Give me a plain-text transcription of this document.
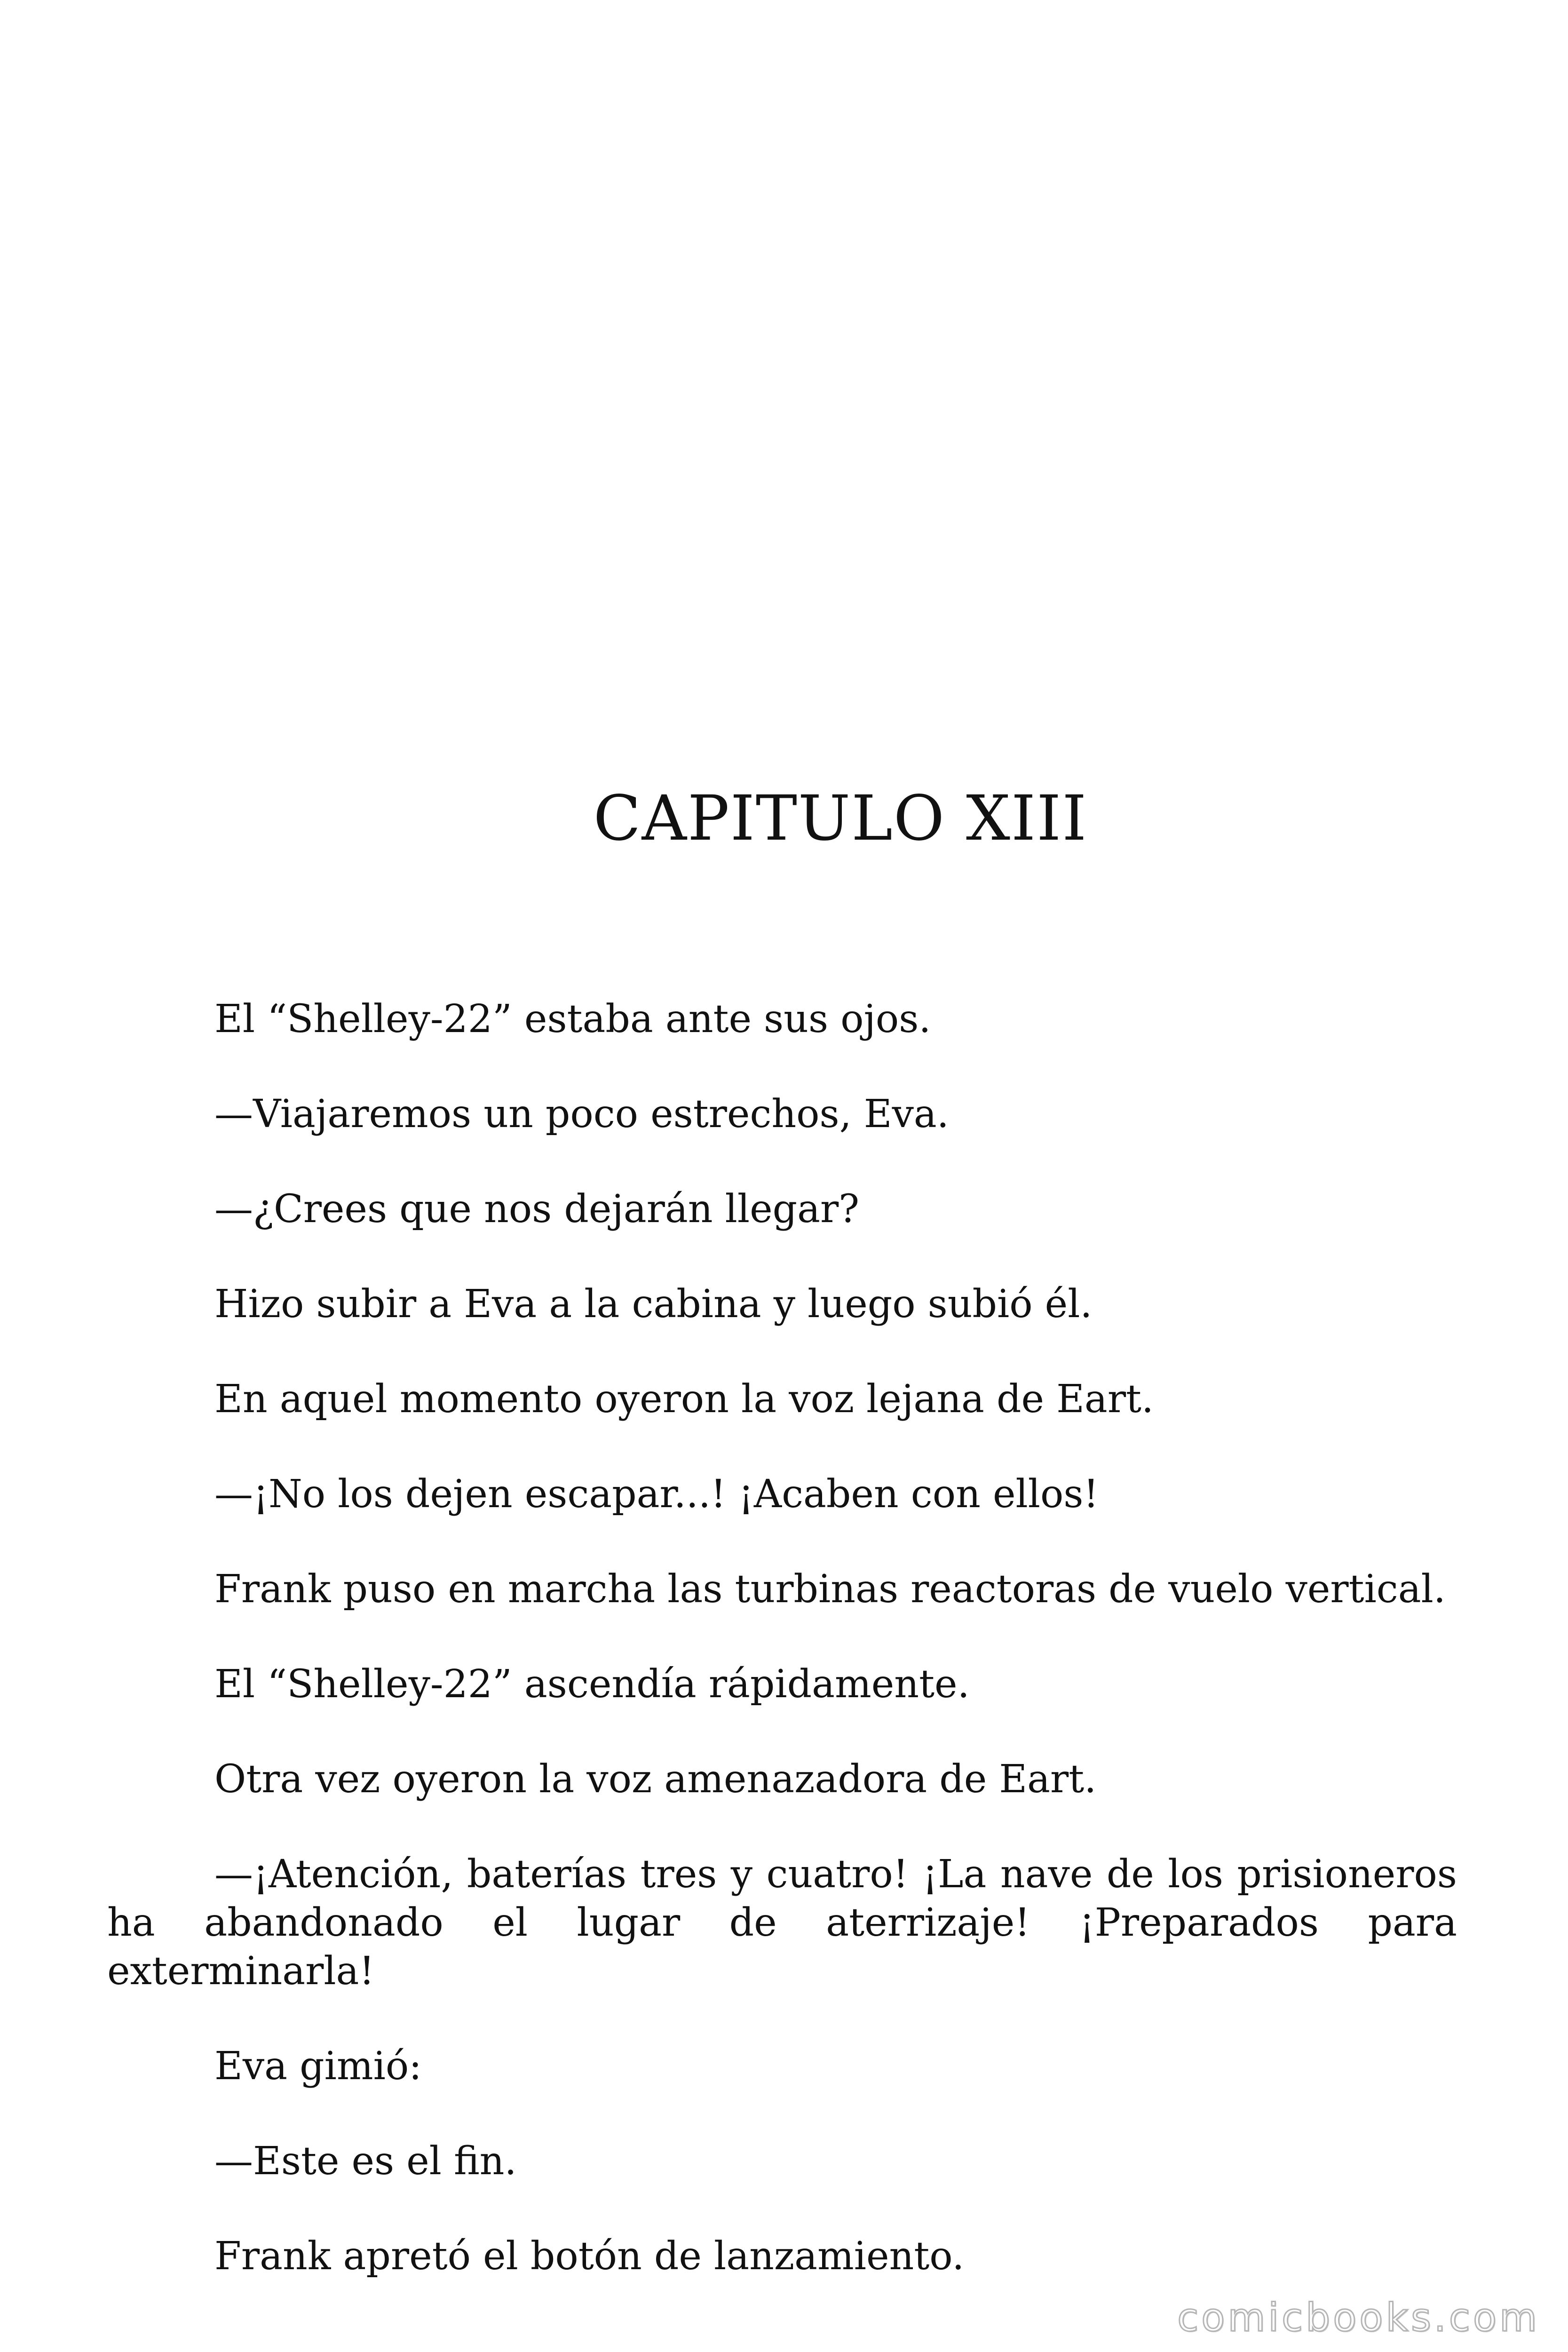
CAPITULO XIII

El “Shelley-22” estaba ante sus ojos.

—Viajaremos un poco estrechos, Eva.

—¿Crees que nos dejarán llegar?

Hizo subir a Eva a la cabina y luego subió él.

En aquel momento oyeron la voz lejana de Eart.

—¡No los dejen escapar...! ¡Acaben con ellos!

Frank puso en marcha las turbinas reactoras de vuelo vertical.

El “Shelley-22” ascendía rápidamente.

Otra vez oyeron la voz amenazadora de Eart.

—¡Atención, baterías tres y cuatro! ¡La nave de los prisioneros ha abandonado el lugar de aterrizaje! ¡Preparados para exterminarla!

Eva gimió:

—Este es el fin.

Frank apretó el botón de lanzamiento.

comicbooks.com
